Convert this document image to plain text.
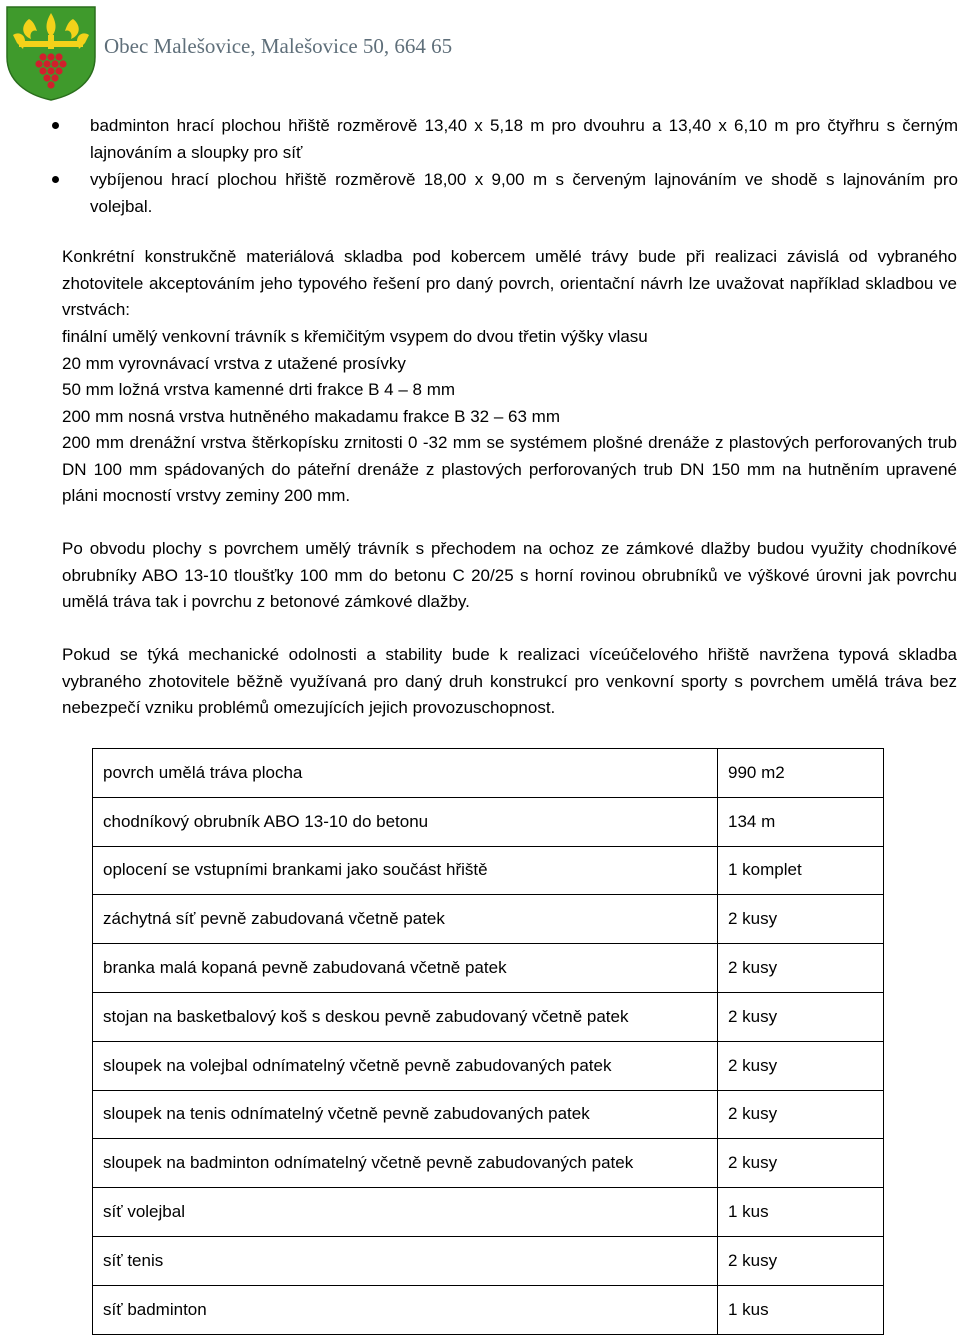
Obec Malešovice, Malešovice 50, 664 65
badminton hrací plochou hřiště rozměrově 13,40 x 5,18 m pro dvouhru a 13,40 x 6,10 m pro čtyřhru s černým lajnováním a sloupky pro síť
vybíjenou hrací plochou hřiště rozměrově 18,00 x 9,00 m s červeným lajnováním ve shodě s lajnováním pro volejbal.

Konkrétní konstrukčně materiálová skladba pod kobercem umělé trávy bude při realizaci závislá od vybraného zhotovitele akceptováním jeho typového řešení pro daný povrch, orientační návrh lze uvažovat například skladbou ve vrstvách:

finální umělý venkovní trávník s křemičitým vsypem do dvou třetin výšky vlasu
20 mm vyrovnávací vrstva z utažené prosívky
50 mm ložná vrstva kamenné drti frakce B 4 – 8 mm
200 mm nosná vrstva hutněného makadamu frakce B 32 – 63 mm
200 mm drenážní vrstva štěrkopísku zrnitosti 0 -32 mm se systémem plošné drenáže z plastových perforovaných trub DN 100 mm spádovaných do páteřní drenáže z plastových perforovaných trub DN 150 mm na hutněním upravené pláni mocností vrstvy zeminy 200 mm.

Po obvodu plochy s povrchem umělý trávník s přechodem na ochoz ze zámkové dlažby budou využity chodníkové obrubníky ABO 13-10 tloušťky 100 mm do betonu C 20/25 s horní rovinou obrubníků ve výškové úrovni jak povrchu umělá tráva tak i povrchu z betonové zámkové dlažby.

Pokud se týká mechanické odolnosti a stability bude k realizaci víceúčelového hřiště navržena typová skladba vybraného zhotovitele běžně využívaná pro daný druh konstrukcí pro venkovní sporty s povrchem umělá tráva bez nebezpečí vzniku problémů omezujících jejich provozuschopnost.

povrch umělá tráva plocha	990 m2
chodníkový obrubník ABO 13-10 do betonu	134 m
oplocení se vstupními brankami jako součást hřiště	1 komplet
záchytná síť pevně zabudovaná včetně patek	2 kusy
branka malá kopaná pevně zabudovaná včetně patek	2 kusy
stojan na basketbalový koš s deskou pevně zabudovaný včetně patek	2 kusy
sloupek na volejbal odnímatelný včetně pevně zabudovaných patek	2 kusy
sloupek na tenis odnímatelný včetně pevně zabudovaných patek	2 kusy
sloupek na badminton odnímatelný včetně pevně zabudovaných patek	2 kusy
síť volejbal	1 kus
síť tenis	2 kusy
síť badminton	1 kus
